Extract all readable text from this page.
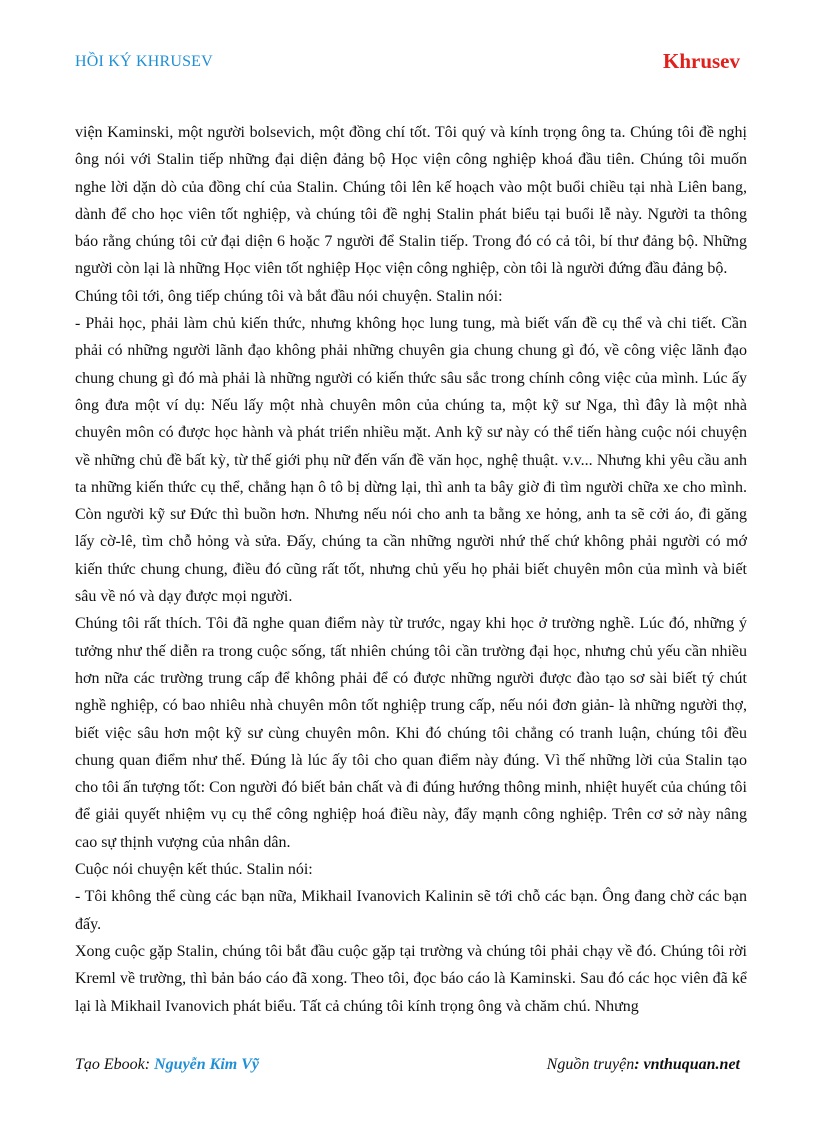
HỒI KÝ KHRUSEV	Khrusev

viện Kaminski, một người bolsevich, một đồng chí tốt. Tôi quý và kính trọng ông ta. Chúng tôi đề nghị ông nói với Stalin tiếp những đại diện đảng bộ Học viện công nghiệp khoá đầu tiên. Chúng tôi muốn nghe lời dặn dò của đồng chí của Stalin. Chúng tôi lên kế hoạch vào một buổi chiều tại nhà Liên bang, dành để cho học viên tốt nghiệp, và chúng tôi đề nghị Stalin phát biểu tại buổi lễ này. Người ta thông báo rằng chúng tôi cử đại diện 6 hoặc 7 người để Stalin tiếp. Trong đó có cả tôi, bí thư đảng bộ. Những người còn lại là những Học viên tốt nghiệp Học viện công nghiệp, còn tôi là người đứng đầu đảng bộ.

Chúng tôi tới, ông tiếp chúng tôi và bắt đầu nói chuyện. Stalin nói:

- Phải học, phải làm chủ kiến thức, nhưng không học lung tung, mà biết vấn đề cụ thể và chi tiết. Cần phải có những người lãnh đạo không phải những chuyên gia chung chung gì đó, về công việc lãnh đạo chung chung gì đó mà phải là những người có kiến thức sâu sắc trong chính công việc của mình. Lúc ấy ông đưa một ví dụ: Nếu lấy một nhà chuyên môn của chúng ta, một kỹ sư Nga, thì đây là một nhà chuyên môn có được học hành và phát triển nhiều mặt. Anh kỹ sư này có thể tiến hàng cuộc nói chuyện về những chủ đề bất kỳ, từ thế giới phụ nữ đến vấn đề văn học, nghệ thuật. v.v... Nhưng khi yêu cầu anh ta những kiến thức cụ thể, chẳng hạn ô tô bị dừng lại, thì anh ta bây giờ đi tìm người chữa xe cho mình. Còn người kỹ sư Đức thì buồn hơn. Nhưng nếu nói cho anh ta bằng xe hỏng, anh ta sẽ cởi áo, đi găng lấy cờ-lê, tìm chỗ hỏng và sửa. Đấy, chúng ta cần những người nhứ thế chứ không phải người có mớ kiến thức chung chung, điều đó cũng rất tốt, nhưng chủ yếu họ phải biết chuyên môn của mình và biết sâu về nó và dạy được mọi người.

Chúng tôi rất thích. Tôi đã nghe quan điểm này từ trước, ngay khi học ở trường nghề. Lúc đó, những ý tưởng như thế diễn ra trong cuộc sống, tất nhiên chúng tôi cần trường đại học, nhưng chủ yếu cần nhiều hơn nữa các trường trung cấp để không phải để có được những người được đào tạo sơ sài biết tý chút nghề nghiệp, có bao nhiêu nhà chuyên môn tốt nghiệp trung cấp, nếu nói đơn giản- là những người thợ, biết việc sâu hơn một kỹ sư cùng chuyên môn. Khi đó chúng tôi chẳng có tranh luận, chúng tôi đều chung quan điểm như thế. Đúng là lúc ấy tôi cho quan điểm này đúng. Vì thế những lời của Stalin tạo cho tôi ấn tượng tốt: Con người đó biết bản chất và đi đúng hướng thông minh, nhiệt huyết của chúng tôi để giải quyết nhiệm vụ cụ thể công nghiệp hoá điều này, đẩy mạnh công nghiệp. Trên cơ sở này nâng cao sự thịnh vượng của nhân dân.

Cuộc nói chuyện kết thúc. Stalin nói:

- Tôi không thể cùng các bạn nữa, Mikhail Ivanovich Kalinin sẽ tới chỗ các bạn. Ông đang chờ các bạn đấy.

Xong cuộc gặp Stalin, chúng tôi bắt đầu cuộc gặp tại trường và chúng tôi phải chạy về đó. Chúng tôi rời Kreml về trường, thì bản báo cáo đã xong. Theo tôi, đọc báo cáo là Kaminski. Sau đó các học viên đã kể lại là Mikhail Ivanovich phát biểu. Tất cả chúng tôi kính trọng ông và chăm chú. Nhưng

Tạo Ebook: Nguyễn Kim Vỹ	Nguồn truyện: vnthuquan.net
